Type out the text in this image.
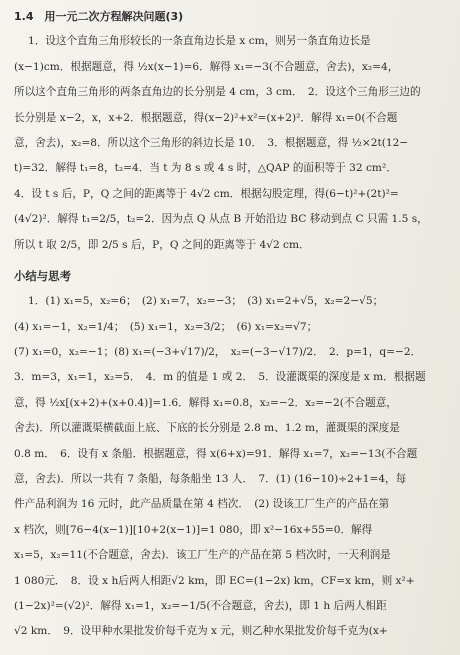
1.4　用一元二次方程解决问题(3)
1．设这个直角三角形较长的一条直角边长是 x cm，则另一条直角边长是
(x−1)cm．根据题意，得 ½x(x−1)=6．解得 x₁=−3(不合题意，舍去)，x₂=4，
所以这个直角三角形的两条直角边的长分别是 4 cm，3 cm．　2．设这个三角形三边的
长分别是 x−2，x，x+2．根据题意，得(x−2)²+x²=(x+2)²．解得 x₁=0(不合题
意，舍去)，x₂=8．所以这个三角形的斜边长是 10．　3．根据题意，得 ½×2t(12−
t)=32．解得 t₁=8，t₂=4．当 t 为 8 s 或 4 s 时，△QAP 的面积等于 32 cm²．
4．设 t s 后，P，Q 之间的距离等于 4√2 cm．根据勾股定理，得(6−t)²+(2t)²=
(4√2)²．解得 t₁=2/5，t₂=2．因为点 Q 从点 B 开始沿边 BC 移动到点 C 只需 1.5 s，
所以 t 取 2/5，即 2/5 s 后，P，Q 之间的距离等于 4√2 cm．
小结与思考
1．(1) x₁=5，x₂=6；　(2) x₁=7，x₂=−3；　(3) x₁=2+√5，x₂=2−√5；
(4) x₁=−1，x₂=1/4；　(5) x₁=1，x₂=3/2；　(6) x₁=x₂=√7；
(7) x₁=0，x₂=−1；(8) x₁=(−3+√17)/2，　x₂=(−3−√17)/2．　2．p=1，q=−2．
3．m=3，x₁=1，x₂=5．　4．m 的值是 1 或 2．　5．设灌溉渠的深度是 x m．根据题
意，得 ½x[(x+2)+(x+0.4)]=1.6．解得 x₁=0.8，x₂=−2．x₂=−2(不合题意，
舍去)．所以灌溉渠横截面上底、下底的长分别是 2.8 m、1.2 m，灌溉渠的深度是
0.8 m．　6．设有 x 条船．根据题意，得 x(6+x)=91．解得 x₁=7，x₂=−13(不合题
意，舍去)．所以一共有 7 条船，每条船坐 13 人．　7．(1) (16−10)÷2+1=4，每
件产品利润为 16 元时，此产品质量在第 4 档次．　(2) 设该工厂生产的产品在第
x 档次，则[76−4(x−1)][10+2(x−1)]=1 080，即 x²−16x+55=0．解得
x₁=5，x₂=11(不合题意，舍去)．该工厂生产的产品在第 5 档次时，一天利润是
1 080元．　8．设 x h后两人相距√2 km，即 EC=(1−2x) km，CF=x km，则 x²+
(1−2x)²=(√2)²．解得 x₁=1，x₂=−1/5(不合题意，舍去)，即 1 h 后两人相距
√2 km．　9．设甲种水果批发价每千克为 x 元，则乙种水果批发价每千克为(x+
